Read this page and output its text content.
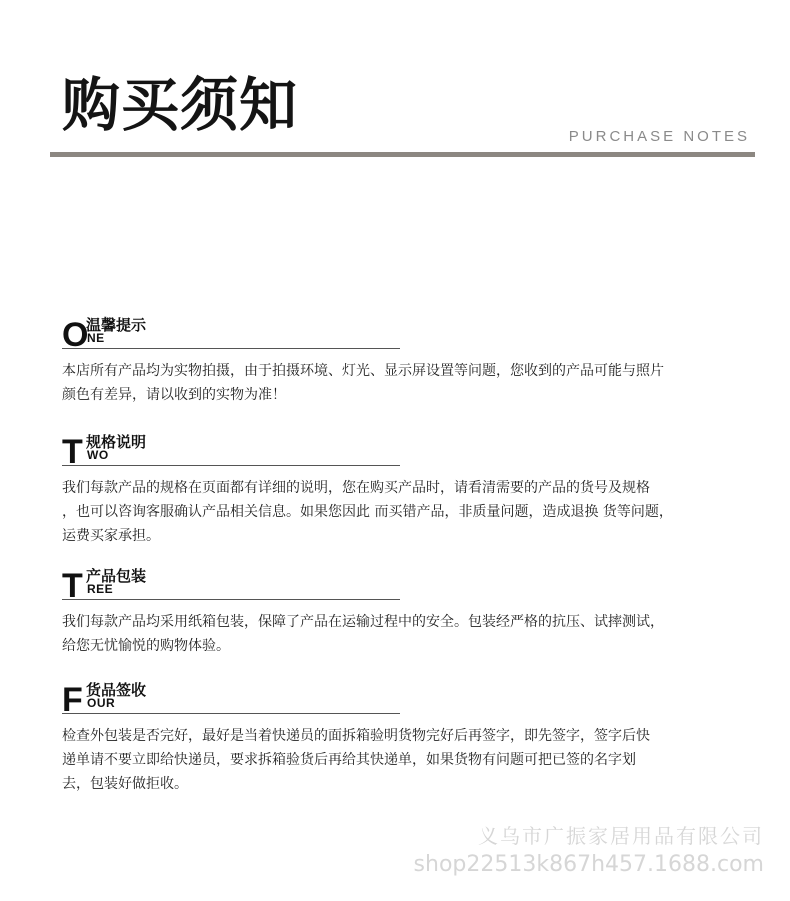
购买须知	PURCHASE NOTES
O
温馨提示
NE
本店所有产品均为实物拍摄，由于拍摄环境、灯光、显示屏设置等问题，您收到的产品可能与照片
颜色有差异，请以收到的实物为准！
T 规格说明
WO
我们每款产品的规格在页面都有详细的说明，您在购买产品时，请看清需要的产品的货号及规格
，也可以咨询客服确认产品相关信息。如果您因此 而买错产品，非质量问题，造成退换 货等问题，
运费买家承担。
T 产品包装
REE
我们每款产品均采用纸箱包装，保障了产品在运输过程中的安全。包装经严格的抗压、试摔测试，
给您无忧愉悦的购物体验。
F 货品签收
OUR
检查外包装是否完好，最好是当着快递员的面拆箱验明货物完好后再签字，即先签字，签字后快
递单请不要立即给快递员，要求拆箱验货后再给其快递单，如果货物有问题可把已签的名字划
去，包装好做拒收。
义乌市广振家居用品有限公司
shop22513k867h457.1688.com
